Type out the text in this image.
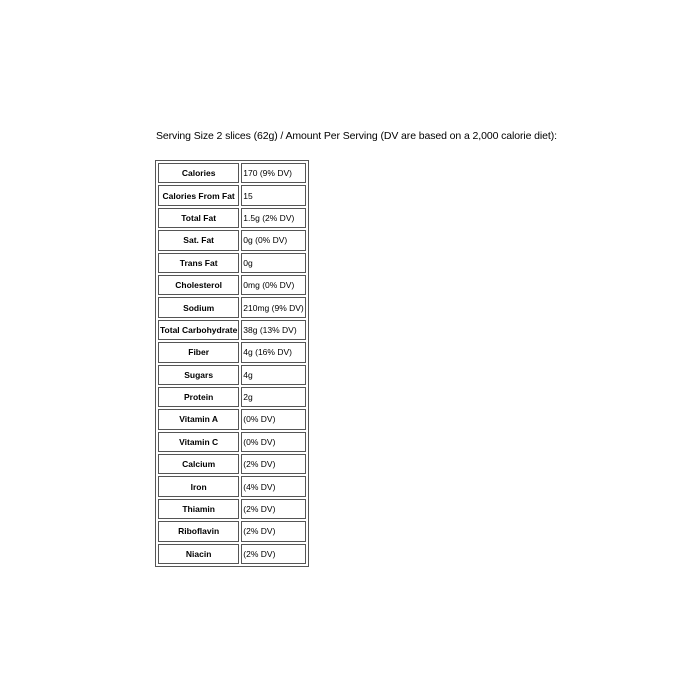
Serving Size 2 slices (62g) / Amount Per Serving (DV are based on a 2,000 calorie diet):
Calories	170 (9% DV)
Calories From Fat	15
Total Fat	1.5g (2% DV)
Sat. Fat	0g (0% DV)
Trans Fat	0g
Cholesterol	0mg (0% DV)
Sodium	210mg (9% DV)
Total Carbohydrate	38g (13% DV)
Fiber	4g (16% DV)
Sugars	4g
Protein	2g
Vitamin A	(0% DV)
Vitamin C	(0% DV)
Calcium	(2% DV)
Iron	(4% DV)
Thiamin	(2% DV)
Riboflavin	(2% DV)
Niacin	(2% DV)
